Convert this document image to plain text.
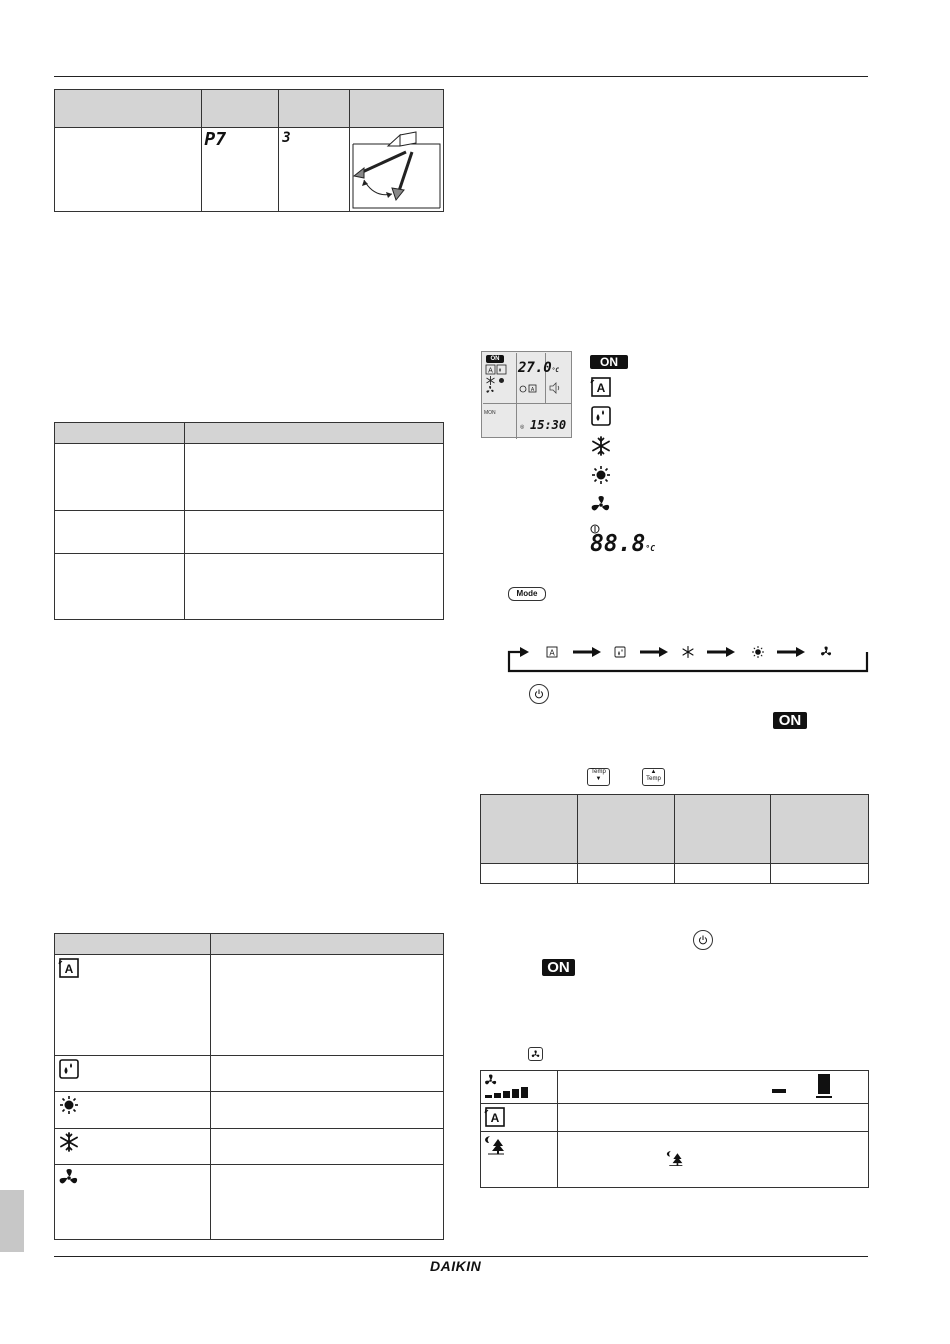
DAIKIN

	P7	3

A	

ON
A 27.0°C
A
MON
◎ 15:30
ON
A
88.8°C
Mode
A
ON
Temp
▼
▲
Temp

ON

A	
